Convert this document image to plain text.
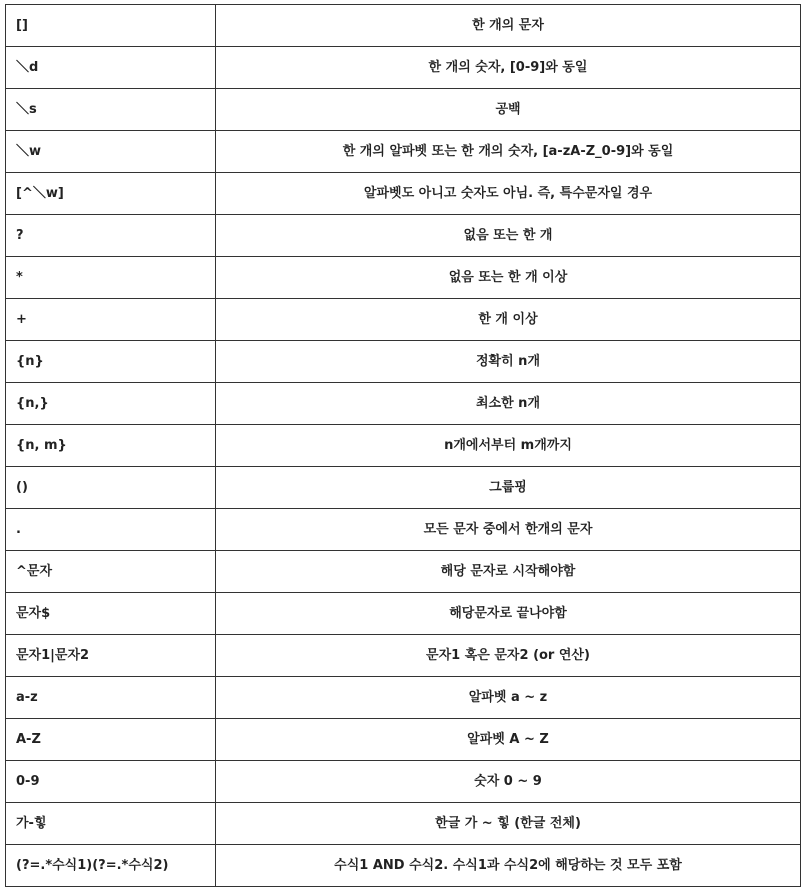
[]	한 개의 문자
＼d	한 개의 숫자, [0-9]와 동일
＼s	공백
＼w	한 개의 알파벳 또는 한 개의 숫자, [a-zA-Z_0-9]와 동일
[^＼w]	알파벳도 아니고 숫자도 아님. 즉, 특수문자일 경우
?	없음 또는 한 개
*	없음 또는 한 개 이상
+	한 개 이상
{n}	정확히 n개
{n,}	최소한 n개
{n, m}	n개에서부터 m개까지
()	그룹핑
.	모든 문자 중에서 한개의 문자
^문자	해당 문자로 시작해야함
문자$	해당문자로 끝나야함
문자1|문자2	문자1 혹은 문자2 (or 연산)
a-z	알파벳 a ~ z
A-Z	알파벳 A ~ Z
0-9	숫자 0 ~ 9
가-힣	한글 가 ~ 힣 (한글 전체)
(?=.*수식1)(?=.*수식2)	수식1 AND 수식2. 수식1과 수식2에 해당하는 것 모두 포함
